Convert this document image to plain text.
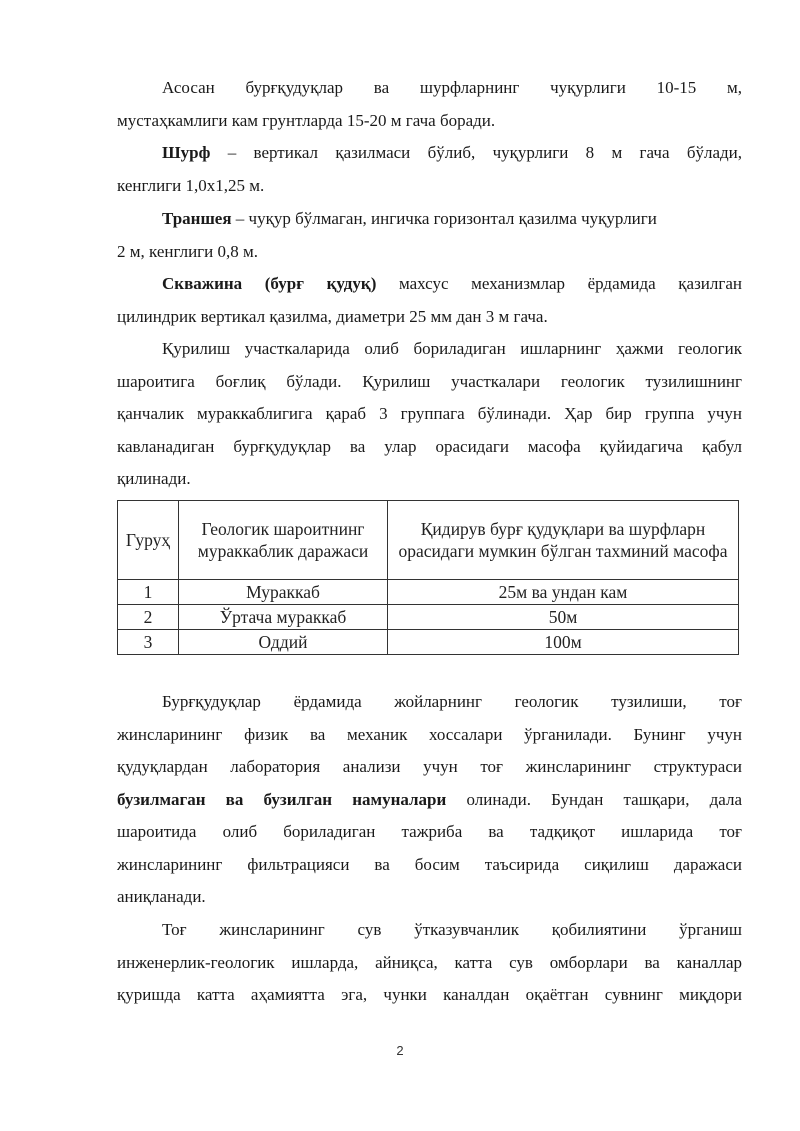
Асосан бурғқудуқлар ва шурфларнинг чуқурлиги 10-15 м,
мустаҳкамлиги кам грунтларда 15-20 м гача боради.

Шурф – вертикал қазилмаси бўлиб, чуқурлиги 8 м гача бўлади,
кенглиги 1,0х1,25 м.

Траншея – чуқур бўлмаган, ингичка горизонтал қазилма чуқурлиги
2 м, кенглиги 0,8 м.

Скважина (бурғ қудуқ) махсус механизмлар ёрдамида қазилган
цилиндрик вертикал қазилма, диаметри 25 мм дан 3 м гача.

Қурилиш участкаларида олиб бориладиган ишларнинг ҳажми геологик
шароитига боғлиқ бўлади. Қурилиш участкалари геологик тузилишнинг
қанчалик мураккаблигига қараб 3 группага бўлинади. Ҳар бир группа учун
кавланадиган бурғқудуқлар ва улар орасидаги масофа қуйидагича қабул
қилинади.

Гуруҳ	Геологик шароитнинг мураккаблик даражаси	Қидирув бурғ қудуқлари ва шурфларн орасидаги мумкин бўлган тахминий масофа
1	Мураккаб	25м ва ундан кам
2	Ўртача мураккаб	50м
3	Оддий	100м

Бурғқудуқлар ёрдамида жойларнинг геологик тузилиши, тоғ
жинсларининг физик ва механик хоссалари ўрганилади. Бунинг учун
қудуқлардан лаборатория анализи учун тоғ жинсларининг структураси
бузилмаган ва бузилган намуналари олинади. Бундан ташқари, дала
шароитида олиб бориладиган тажриба ва тадқиқот ишларида тоғ
жинсларининг фильтрацияси ва босим таъсирида сиқилиш даражаси
аниқланади.

Тоғ жинсларининг сув ўтказувчанлик қобилиятини ўрганиш
инженерлик-геологик ишларда, айниқса, катта сув омборлари ва каналлар
қуришда катта аҳамиятта эга, чунки каналдан оқаётган сувнинг миқдори

2
